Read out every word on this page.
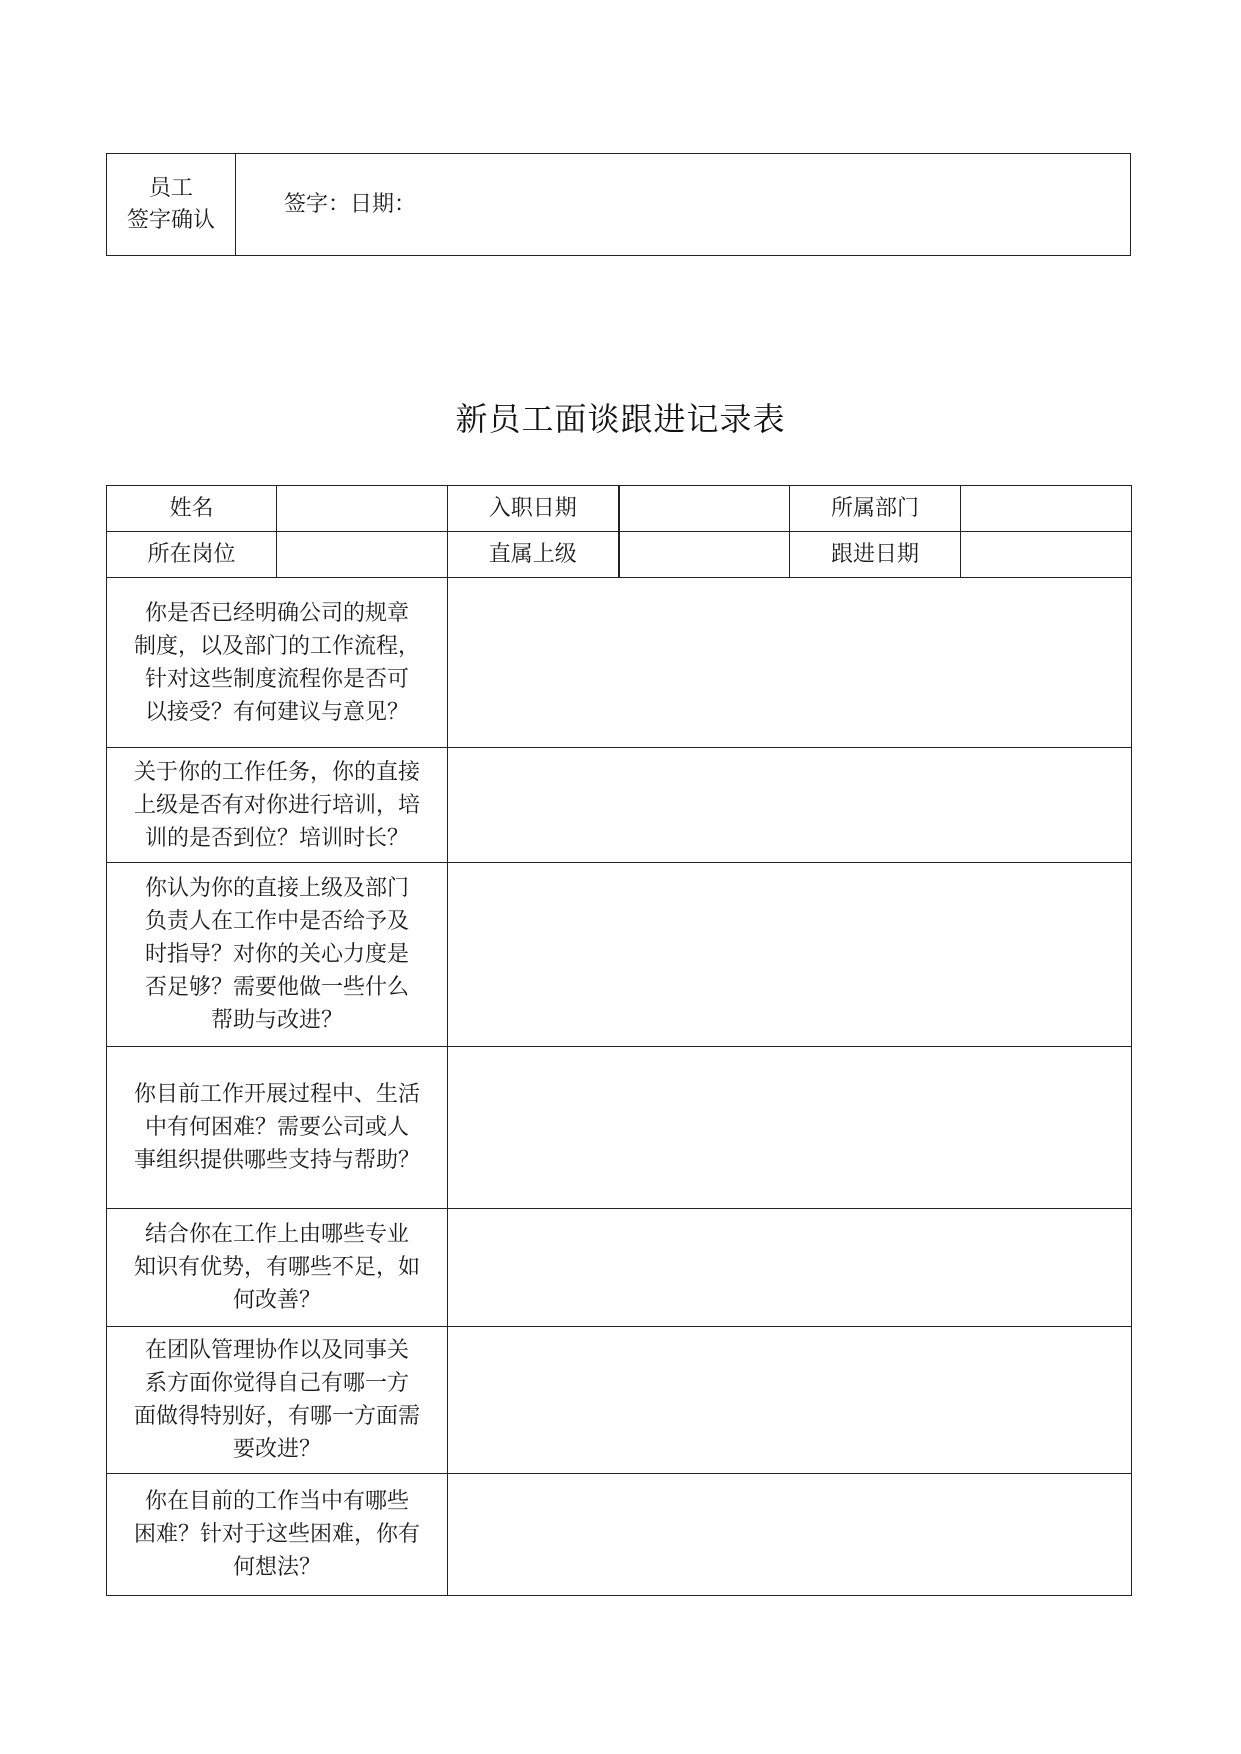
员工
签字确认
	签字：日期：
新员工面谈跟进记录表
姓名		入职日期		所属部门	
所在岗位		直属上级		跟进日期	

你是否已经明确公司的规章
制度，以及部门的工作流程，
针对这些制度流程你是否可
以接受？有何建议与意见？					

关于你的工作任务，你的直接
上级是否有对你进行培训，培
训的是否到位？培训时长？					

你认为你的直接上级及部门
负责人在工作中是否给予及
时指导？对你的关心力度是
否足够？需要他做一些什么
帮助与改进？					

你目前工作开展过程中、生活
中有何困难？需要公司或人
事组织提供哪些支持与帮助？					

结合你在工作上由哪些专业
知识有优势，有哪些不足，如
何改善？					

在团队管理协作以及同事关
系方面你觉得自己有哪一方
面做得特别好，有哪一方面需
要改进？					

你在目前的工作当中有哪些
困难？针对于这些困难，你有
何想法？					
